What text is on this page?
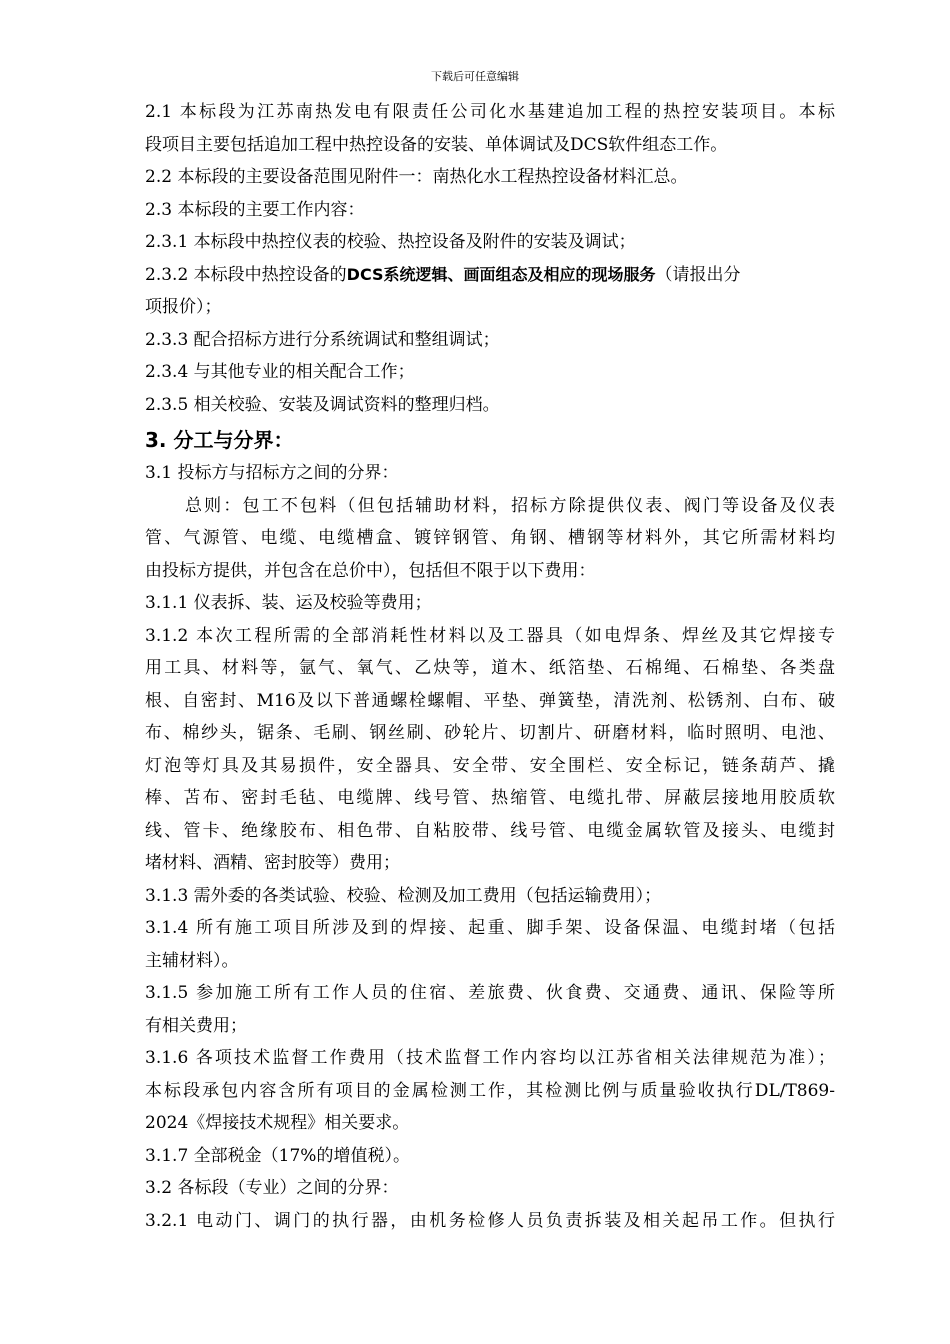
下载后可任意编辑
2.1 本标段为江苏南热发电有限责任公司化水基建追加工程的热控安装项目。本标
段项目主要包括追加工程中热控设备的安装、单体调试及DCS软件组态工作。
2.2 本标段的主要设备范围见附件一：南热化水工程热控设备材料汇总。
2.3 本标段的主要工作内容：
2.3.1 本标段中热控仪表的校验、热控设备及附件的安装及调试；
2.3.2 本标段中热控设备的DCS系统逻辑、画面组态及相应的现场服务（请报出分
项报价）；
2.3.3 配合招标方进行分系统调试和整组调试；
2.3.4 与其他专业的相关配合工作；
2.3.5 相关校验、安装及调试资料的整理归档。
3. 分工与分界：
3.1 投标方与招标方之间的分界：
总则：包工不包料（但包括辅助材料，招标方除提供仪表、阀门等设备及仪表
管、气源管、电缆、电缆槽盒、镀锌钢管、角钢、槽钢等材料外，其它所需材料均
由投标方提供，并包含在总价中），包括但不限于以下费用：
3.1.1 仪表拆、装、运及校验等费用；
3.1.2 本次工程所需的全部消耗性材料以及工器具（如电焊条、焊丝及其它焊接专
用工具、材料等，氩气、氧气、乙炔等，道木、纸箔垫、石棉绳、石棉垫、各类盘
根、自密封、M16及以下普通螺栓螺帽、平垫、弹簧垫，清洗剂、松锈剂、白布、破
布、棉纱头，锯条、毛刷、钢丝刷、砂轮片、切割片、研磨材料，临时照明、电池、
灯泡等灯具及其易损件，安全器具、安全带、安全围栏、安全标记，链条葫芦、撬
棒、苫布、密封毛毡、电缆牌、线号管、热缩管、电缆扎带、屏蔽层接地用胶质软
线、管卡、绝缘胶布、相色带、自粘胶带、线号管、电缆金属软管及接头、电缆封
堵材料、酒精、密封胶等）费用；
3.1.3 需外委的各类试验、校验、检测及加工费用（包括运输费用）；
3.1.4 所有施工项目所涉及到的焊接、起重、脚手架、设备保温、电缆封堵（包括
主辅材料）。
3.1.5 参加施工所有工作人员的住宿、差旅费、伙食费、交通费、通讯、保险等所
有相关费用；
3.1.6 各项技术监督工作费用（技术监督工作内容均以江苏省相关法律规范为准）；
本标段承包内容含所有项目的金属检测工作，其检测比例与质量验收执行DL/T869-
2024《焊接技术规程》相关要求。
3.1.7 全部税金（17%的增值税）。
3.2 各标段（专业）之间的分界：
3.2.1 电动门、调门的执行器，由机务检修人员负责拆装及相关起吊工作。但执行
